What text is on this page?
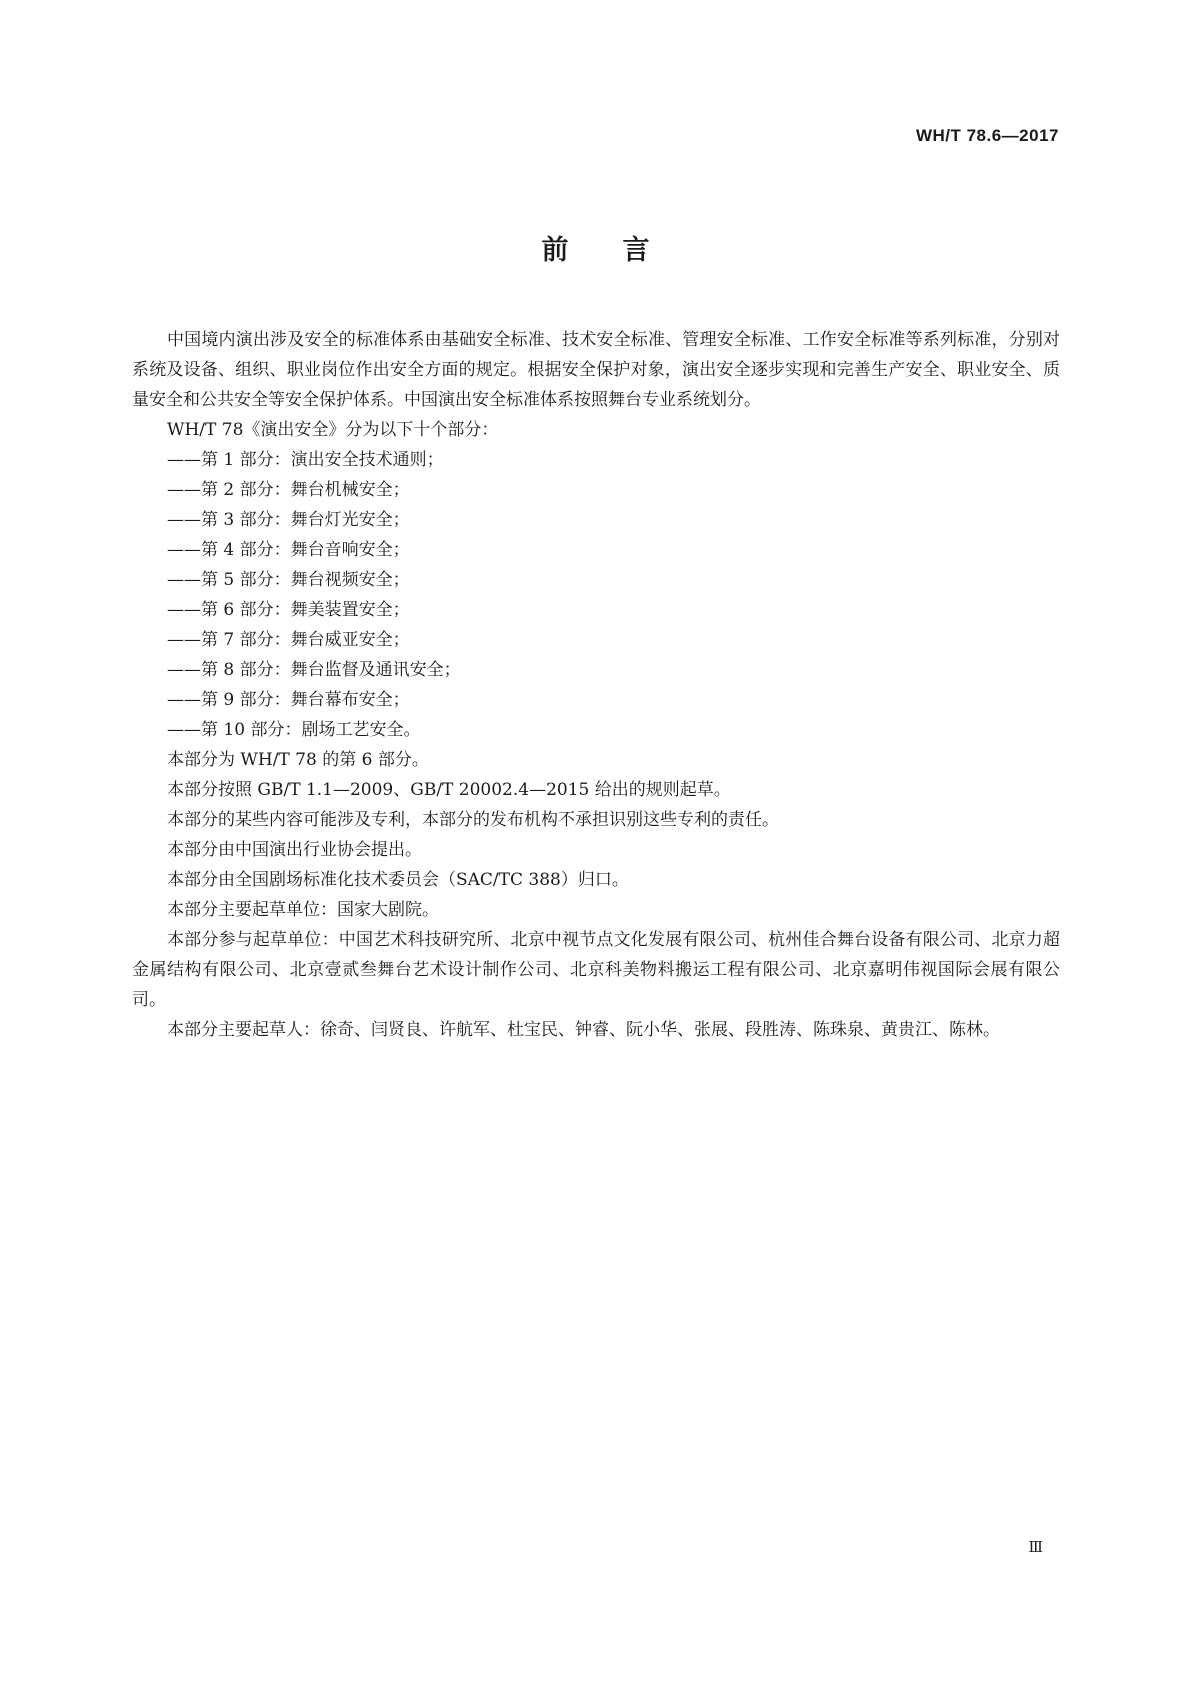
WH/T 78.6—2017
前言

中国境内演出涉及安全的标准体系由基础安全标准、技术安全标准、管理安全标准、工作安全标准等系列标准，分别对系统及设备、组织、职业岗位作出安全方面的规定。根据安全保护对象，演出安全逐步实现和完善生产安全、职业安全、质量安全和公共安全等安全保护体系。中国演出安全标准体系按照舞台专业系统划分。

WH/T 78《演出安全》分为以下十个部分：

——第 1 部分：演出安全技术通则；
——第 2 部分：舞台机械安全；
——第 3 部分：舞台灯光安全；
——第 4 部分：舞台音响安全；
——第 5 部分：舞台视频安全；
——第 6 部分：舞美装置安全；
——第 7 部分：舞台威亚安全；
——第 8 部分：舞台监督及通讯安全；
——第 9 部分：舞台幕布安全；
——第 10 部分：剧场工艺安全。

本部分为 WH/T 78 的第 6 部分。

本部分按照 GB/T 1.1—2009、GB/T 20002.4—2015 给出的规则起草。

本部分的某些内容可能涉及专利，本部分的发布机构不承担识别这些专利的责任。

本部分由中国演出行业协会提出。

本部分由全国剧场标准化技术委员会（SAC/TC 388）归口。

本部分主要起草单位：国家大剧院。

本部分参与起草单位：中国艺术科技研究所、北京中视节点文化发展有限公司、杭州佳合舞台设备有限公司、北京力超金属结构有限公司、北京壹贰叁舞台艺术设计制作公司、北京科美物料搬运工程有限公司、北京嘉明伟视国际会展有限公司。

本部分主要起草人：徐奇、闫贤良、许航军、杜宝民、钟睿、阮小华、张展、段胜涛、陈珠泉、黄贵江、陈林。

Ⅲ
